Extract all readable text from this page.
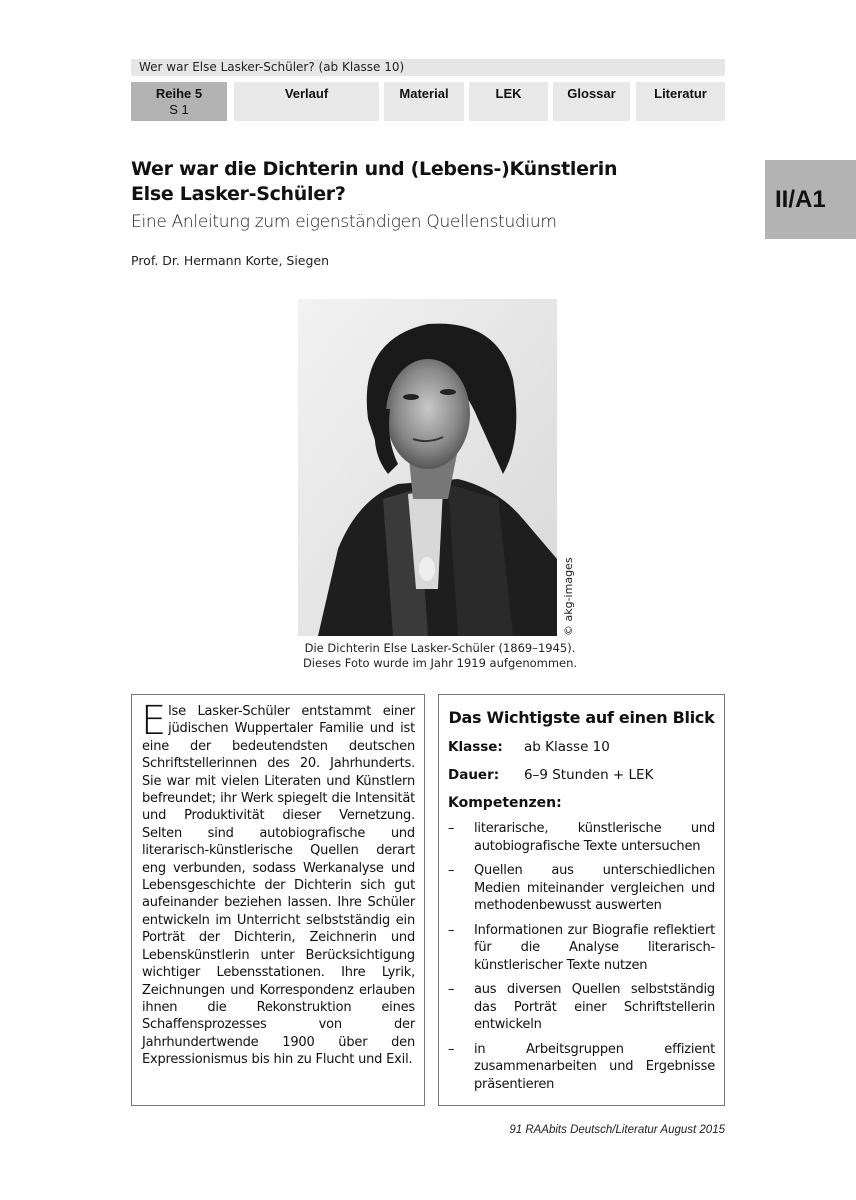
Wer war Else Lasker-Schüler? (ab Klasse 10)
Reihe 5
S 1
Verlauf	Material	LEK	Glossar	Literatur
II/A1
Wer war die Dichterin und (Lebens-)Künstlerin
Else Lasker-Schüler?
Eine Anleitung zum eigenständigen Quellenstudium
Prof. Dr. Hermann Korte, Siegen
© akg-images
Die Dichterin Else Lasker-Schüler (1869–1945).
Dieses Foto wurde im Jahr 1919 aufgenommen.

Else Lasker-Schüler entstammt einer jüdischen Wuppertaler Familie und ist eine der bedeutendsten deutschen Schriftstellerinnen des 20. Jahrhunderts. Sie war mit vielen Literaten und Künstlern befreundet; ihr Werk spiegelt die Intensität und Produktivität dieser Vernetzung. Selten sind autobiografische und literarisch-künstlerische Quellen derart eng verbunden, sodass Werkanalyse und Lebensgeschichte der Dichterin sich gut aufeinander beziehen lassen. Ihre Schüler entwickeln im Unterricht selbstständig ein Porträt der Dichterin, Zeichnerin und Lebenskünstlerin unter Berücksichtigung wichtiger Lebensstationen. Ihre Lyrik, Zeichnungen und Korrespondenz erlauben ihnen die Rekonstruktion eines Schaffensprozesses von der Jahrhundertwende 1900 über den Expressionismus bis hin zu Flucht und Exil.

Das Wichtigste auf einen Blick
Klasse: ab Klasse 10
Dauer: 6–9 Stunden + LEK
Kompetenzen:
– literarische, künstlerische und autobiografische Texte untersuchen
– Quellen aus unterschiedlichen Medien miteinander vergleichen und methodenbewusst auswerten
– Informationen zur Biografie reflektiert für die Analyse literarisch-künstlerischer Texte nutzen
– aus diversen Quellen selbstständig das Porträt einer Schriftstellerin entwickeln
– in Arbeitsgruppen effizient zusammenarbeiten und Ergebnisse präsentieren
91 RAAbits Deutsch/Literatur August 2015
